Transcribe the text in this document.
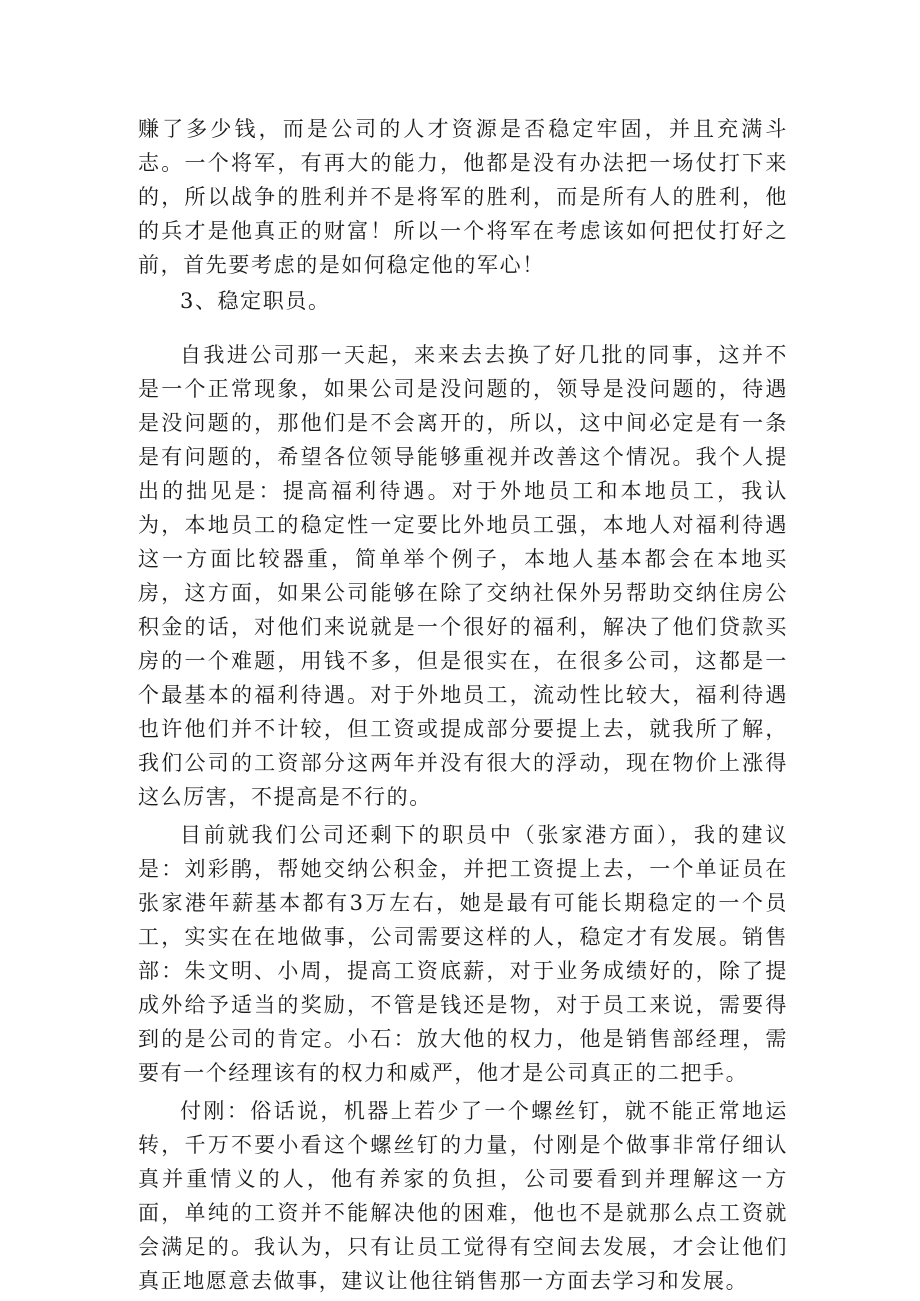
赚了多少钱，而是公司的人才资源是否稳定牢固，并且充满斗志。一个将军，有再大的能力，他都是没有办法把一场仗打下来的，所以战争的胜利并不是将军的胜利，而是所有人的胜利，他的兵才是他真正的财富！所以一个将军在考虑该如何把仗打好之前，首先要考虑的是如何稳定他的军心！

3、稳定职员。

自我进公司那一天起，来来去去换了好几批的同事，这并不是一个正常现象，如果公司是没问题的，领导是没问题的，待遇是没问题的，那他们是不会离开的，所以，这中间必定是有一条是有问题的，希望各位领导能够重视并改善这个情况。我个人提出的拙见是：提高福利待遇。对于外地员工和本地员工，我认为，本地员工的稳定性一定要比外地员工强，本地人对福利待遇这一方面比较器重，简单举个例子，本地人基本都会在本地买房，这方面，如果公司能够在除了交纳社保外另帮助交纳住房公积金的话，对他们来说就是一个很好的福利，解决了他们贷款买房的一个难题，用钱不多，但是很实在，在很多公司，这都是一个最基本的福利待遇。对于外地员工，流动性比较大，福利待遇也许他们并不计较，但工资或提成部分要提上去，就我所了解，我们公司的工资部分这两年并没有很大的浮动，现在物价上涨得这么厉害，不提高是不行的。

目前就我们公司还剩下的职员中（张家港方面），我的建议是：刘彩鹃，帮她交纳公积金，并把工资提上去，一个单证员在张家港年薪基本都有3万左右，她是最有可能长期稳定的一个员工，实实在在地做事，公司需要这样的人，稳定才有发展。销售部：朱文明、小周，提高工资底薪，对于业务成绩好的，除了提成外给予适当的奖励，不管是钱还是物，对于员工来说，需要得到的是公司的肯定。小石：放大他的权力，他是销售部经理，需要有一个经理该有的权力和威严，他才是公司真正的二把手。

付刚：俗话说，机器上若少了一个螺丝钉，就不能正常地运转，千万不要小看这个螺丝钉的力量，付刚是个做事非常仔细认真并重情义的人，他有养家的负担，公司要看到并理解这一方面，单纯的工资并不能解决他的困难，他也不是就那么点工资就会满足的。我认为，只有让员工觉得有空间去发展，才会让他们真正地愿意去做事，建议让他往销售那一方面去学习和发展。
